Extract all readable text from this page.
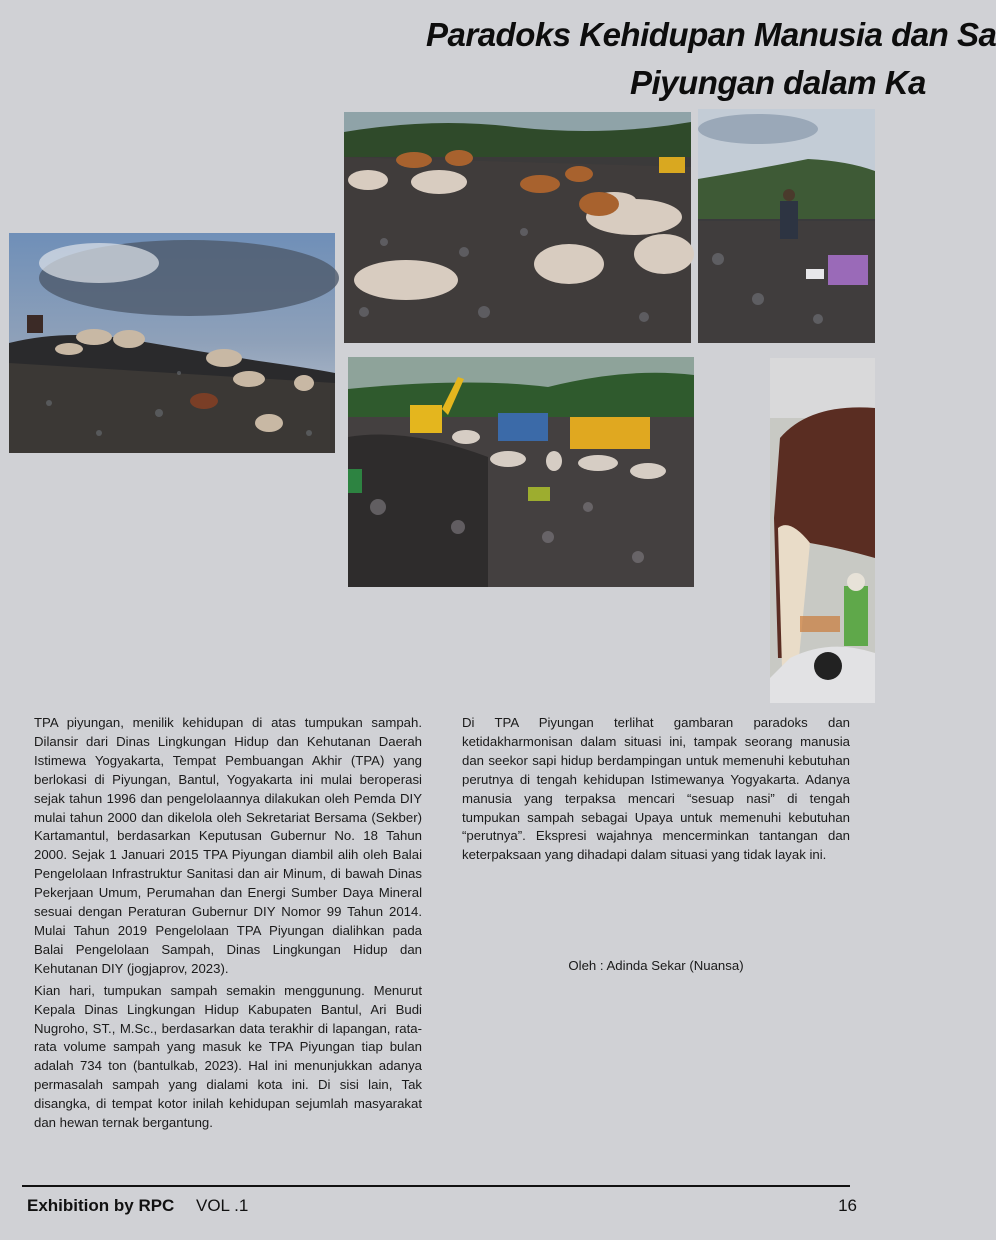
Paradoks Kehidupan Manusia dan Sa
Piyungan dalam Ka

TPA piyungan, menilik kehidupan di atas tumpukan sampah. Dilansir dari Dinas Lingkungan Hidup dan Kehutanan Daerah Istimewa Yogyakarta, Tempat Pembuangan Akhir (TPA) yang berlokasi di Piyungan, Bantul, Yogyakarta ini mulai beroperasi sejak tahun 1996 dan pengelolaannya dilakukan oleh Pemda DIY mulai tahun 2000 dan dikelola oleh Sekretariat Bersama (Sekber) Kartamantul, berdasarkan Keputusan Gubernur No. 18 Tahun 2000. Sejak 1 Januari 2015 TPA Piyungan diambil alih oleh Balai Pengelolaan Infrastruktur Sanitasi dan air Minum, di bawah Dinas Pekerjaan Umum, Perumahan dan Energi Sumber Daya Mineral sesuai dengan Peraturan Gubernur DIY Nomor 99 Tahun 2014. Mulai Tahun 2019 Pengelolaan TPA Piyungan dialihkan pada Balai Pengelolaan Sampah, Dinas Lingkungan Hidup dan Kehutanan DIY (jogjaprov, 2023).

Kian hari, tumpukan sampah semakin menggunung. Menurut Kepala Dinas Lingkungan Hidup Kabupaten Bantul, Ari Budi Nugroho, ST., M.Sc., berdasarkan data terakhir di lapangan, rata-rata volume sampah yang masuk ke TPA Piyungan tiap bulan adalah 734 ton (bantulkab, 2023). Hal ini menunjukkan adanya permasalah sampah yang dialami kota ini. Di sisi lain, Tak disangka, di tempat kotor inilah kehidupan sejumlah masyarakat dan hewan ternak bergantung.

Di TPA Piyungan terlihat gambaran paradoks dan ketidakharmonisan dalam situasi ini, tampak seorang manusia dan seekor sapi hidup berdampingan untuk memenuhi kebutuhan perutnya di tengah kehidupan Istimewanya Yogyakarta. Adanya manusia yang terpaksa mencari “sesuap nasi” di tengah tumpukan sampah sebagai Upaya untuk memenuhi kebutuhan “perutnya”. Ekspresi wajahnya mencerminkan tantangan dan keterpaksaan yang dihadapi dalam situasi yang tidak layak ini.

Oleh : Adinda Sekar (Nuansa)
Exhibition by RPC VOL .1	16
